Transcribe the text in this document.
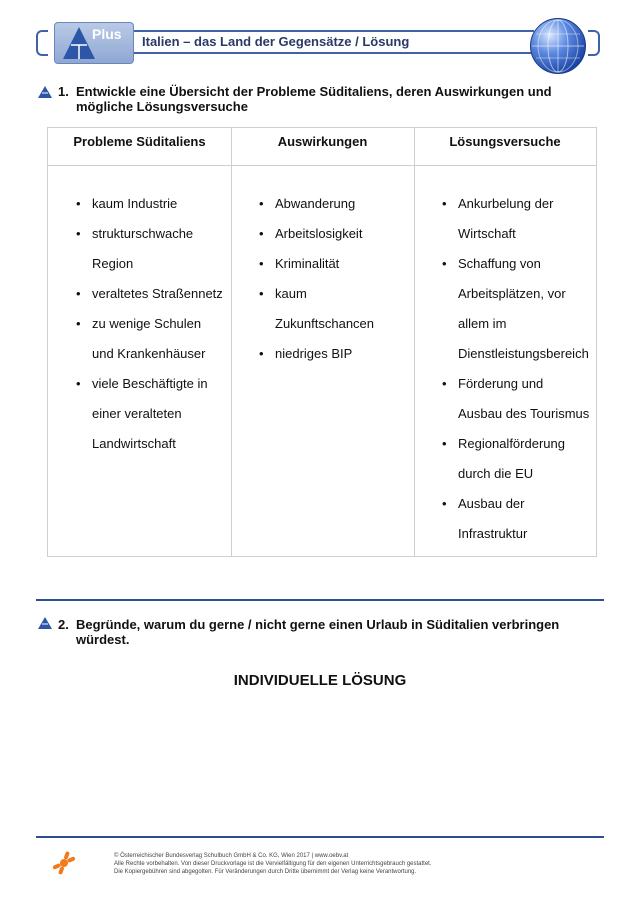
Plus Italien – das Land der Gegensätze / Lösung
1. Entwickle eine Übersicht der Probleme Süditaliens, deren Auswirkungen und mögliche Lösungsversuche
Probleme Süditaliens	Auswirkungen	Lösungsversuche
• kaum Industrie
• strukturschwache Region
• veraltetes Straßennetz
• zu wenige Schulen und Krankenhäuser
• viele Beschäftigte in einer veralteten Landwirtschaft
• Abwanderung
• Arbeitslosigkeit
• Kriminalität
• kaum Zukunftschancen
• niedriges BIP
• Ankurbelung der Wirtschaft
• Schaffung von Arbeitsplätzen, vor allem im Dienstleistungsbereich
• Förderung und Ausbau des Tourismus
• Regionalförderung durch die EU
• Ausbau der Infrastruktur
2. Begründe, warum du gerne / nicht gerne einen Urlaub in Süditalien verbringen würdest.
INDIVIDUELLE LÖSUNG
© Österreichischer Bundesverlag Schulbuch GmbH & Co. KG, Wien 2017 | www.oebv.at
Alle Rechte vorbehalten. Von dieser Druckvorlage ist die Vervielfältigung für den eigenen Unterrichtsgebrauch gestattet.
Die Kopiergebühren sind abgegolten. Für Veränderungen durch Dritte übernimmt der Verlag keine Verantwortung.
